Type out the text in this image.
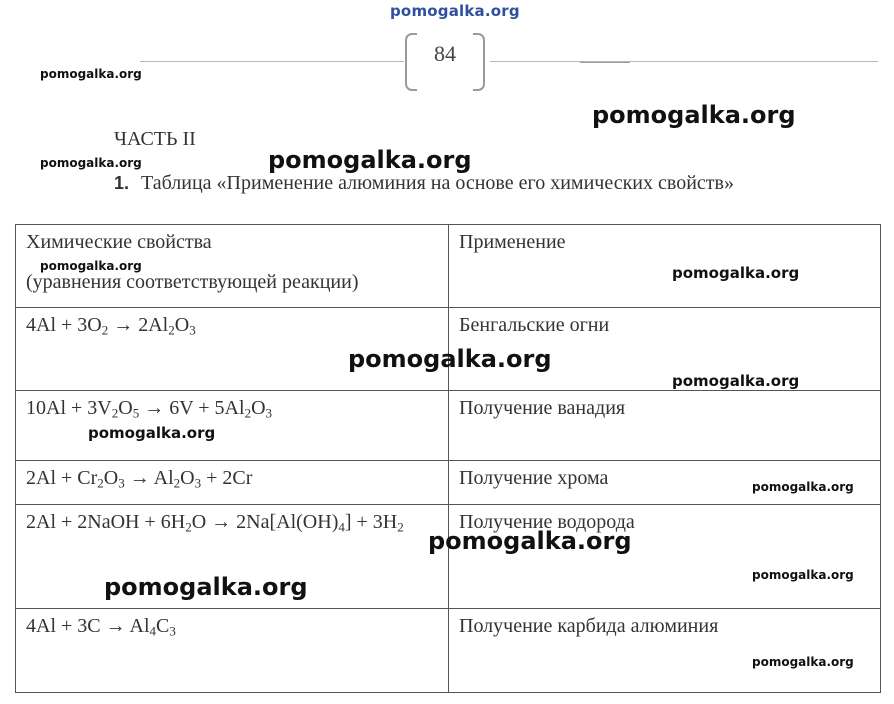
pomogalka.org
84
ЧАСТЬ II
1. Таблица «Применение алюминия на основе его химических свойств»
Химические свойства
(уравнения соответствующей реакции)	Применение

$4Al + 3O_2 \to 2Al_2O_3$	Бенгальские огни

$10Al + 3V_2O_5 \to 6V + 5Al_2O_3$	Получение ванадия

$2Al + Cr_2O_3 \to Al_2O_3 + 2Cr$	Получение хрома

2Al + 2NaOH + $6H_2O \to 2Na[Al(OH)_4] + 3H_2$	Получение водорода

$4Al + 3C \to Al_4C_3$	Получение карбида алюминия
pomogalka.org
pomogalka.org
pomogalka.org	pomogalka.org
pomogalka.org	pomogalka.org
pomogalka.org
pomogalka.org
pomogalka.org
pomogalka.org
pomogalka.org
pomogalka.org
pomogalka.org
pomogalka.org
